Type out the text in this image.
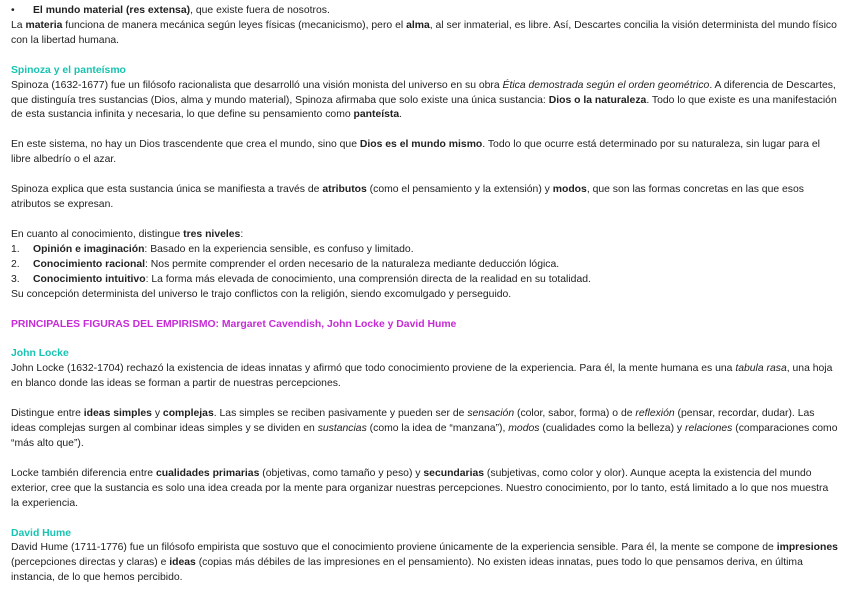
•	El mundo material (res extensa), que existe fuera de nosotros.

La materia funciona de manera mecánica según leyes físicas (mecanicismo), pero el alma, al ser inmaterial, es libre. Así, Descartes concilia la visión determinista del mundo físico con la libertad humana.

Spinoza y el panteísmo

Spinoza (1632-1677) fue un filósofo racionalista que desarrolló una visión monista del universo en su obra Ética demostrada según el orden geométrico. A diferencia de Descartes, que distinguía tres sustancias (Dios, alma y mundo material), Spinoza afirmaba que solo existe una única sustancia: Dios o la naturaleza. Todo lo que existe es una manifestación de esta sustancia infinita y necesaria, lo que define su pensamiento como panteísta.

En este sistema, no hay un Dios trascendente que crea el mundo, sino que Dios es el mundo mismo. Todo lo que ocurre está determinado por su naturaleza, sin lugar para el libre albedrío o el azar.

Spinoza explica que esta sustancia única se manifiesta a través de atributos (como el pensamiento y la extensión) y modos, que son las formas concretas en las que esos atributos se expresan.

En cuanto al conocimiento, distingue tres niveles:

1.	Opinión e imaginación: Basado en la experiencia sensible, es confuso y limitado.
2.	Conocimiento racional: Nos permite comprender el orden necesario de la naturaleza mediante deducción lógica.
3.	Conocimiento intuitivo: La forma más elevada de conocimiento, una comprensión directa de la realidad en su totalidad.

Su concepción determinista del universo le trajo conflictos con la religión, siendo excomulgado y perseguido.

PRINCIPALES FIGURAS DEL EMPIRISMO: Margaret Cavendish, John Locke y David Hume

John Locke

John Locke (1632-1704) rechazó la existencia de ideas innatas y afirmó que todo conocimiento proviene de la experiencia. Para él, la mente humana es una tabula rasa, una hoja en blanco donde las ideas se forman a partir de nuestras percepciones.

Distingue entre ideas simples y complejas. Las simples se reciben pasivamente y pueden ser de sensación (color, sabor, forma) o de reflexión (pensar, recordar, dudar). Las ideas complejas surgen al combinar ideas simples y se dividen en sustancias (como la idea de “manzana”), modos (cualidades como la belleza) y relaciones (comparaciones como “más alto que”).

Locke también diferencia entre cualidades primarias (objetivas, como tamaño y peso) y secundarias (subjetivas, como color y olor). Aunque acepta la existencia del mundo exterior, cree que la sustancia es solo una idea creada por la mente para organizar nuestras percepciones. Nuestro conocimiento, por lo tanto, está limitado a lo que nos muestra la experiencia.

David Hume

David Hume (1711-1776) fue un filósofo empirista que sostuvo que el conocimiento proviene únicamente de la experiencia sensible. Para él, la mente se compone de impresiones (percepciones directas y claras) e ideas (copias más débiles de las impresiones en el pensamiento). No existen ideas innatas, pues todo lo que pensamos deriva, en última instancia, de lo que hemos percibido.
